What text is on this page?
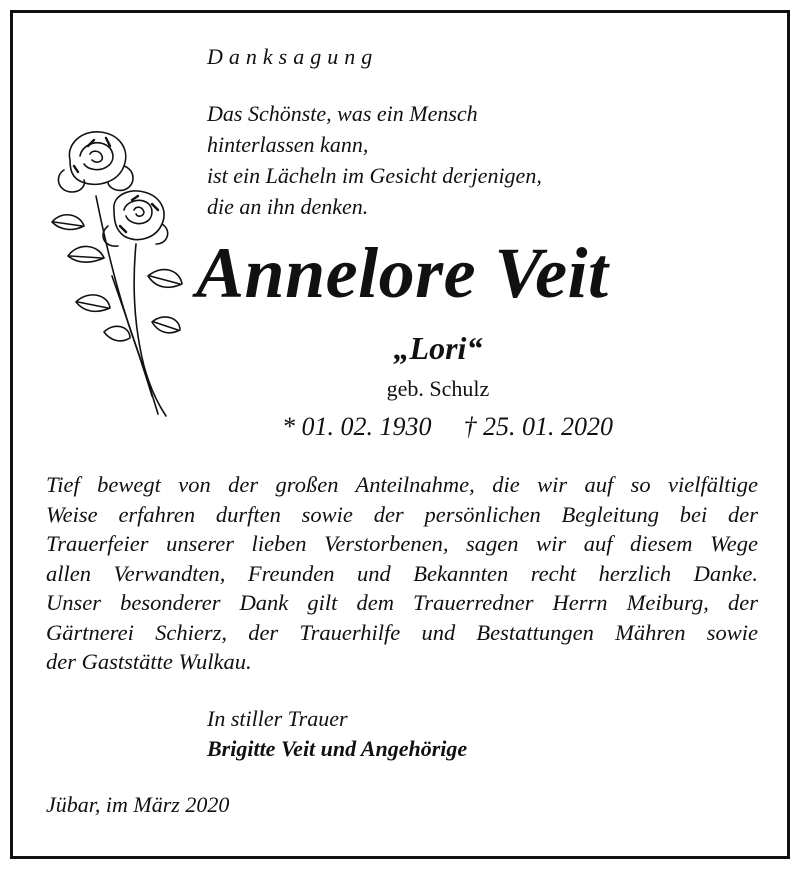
Danksagung

Das Schönste, was ein Mensch
hinterlassen kann,
ist ein Lächeln im Gesicht derjenigen,
die an ihn denken.

Annelore Veit

„Lori“

geb. Schulz

* 01. 02. 1930 † 25. 01. 2020

Tief bewegt von der großen Anteilnahme, die wir auf so vielfältige
Weise erfahren durften sowie der persönlichen Begleitung bei der
Trauerfeier unserer lieben Verstorbenen, sagen wir auf diesem Wege
allen Verwandten, Freunden und Bekannten recht herzlich Danke.
Unser besonderer Dank gilt dem Trauerredner Herrn Meiburg, der
Gärtnerei Schierz, der Trauerhilfe und Bestattungen Mähren sowie
der Gaststätte Wulkau.

In stiller Trauer

Brigitte Veit und Angehörige

Jübar, im März 2020
